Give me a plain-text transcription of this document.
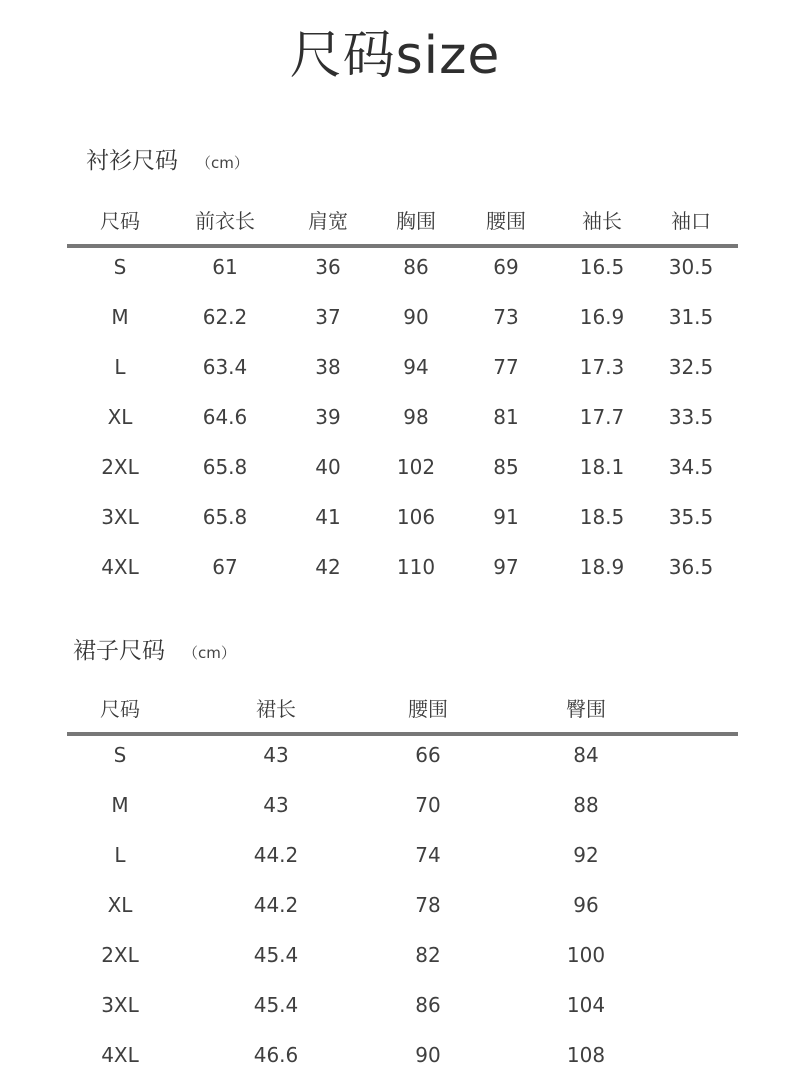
尺码size
衬衫尺码 （cm）
尺码	前衣长	肩宽 胸围	腰围	袖长 袖口
S	61	36	86	69	16.5 30.5
M	62.2	37	90	73	16.9 31.5
L	63.4	38	94	77	17.3 32.5
XL	64.6	39	98	81	17.7 33.5
2XL	65.8	40	102	85	18.1 34.5
3XL	65.8	41	106	91	18.5 35.5
4XL	67	42	110	97	18.9 36.5
裙子尺码 （cm）
尺码	裙长	腰围	臀围
S	43	66	84
M	43	70	88
L	44.2	74	92
XL	44.2	78	96
2XL	45.4	82	100
3XL	45.4	86	104
4XL	46.6	90	108
